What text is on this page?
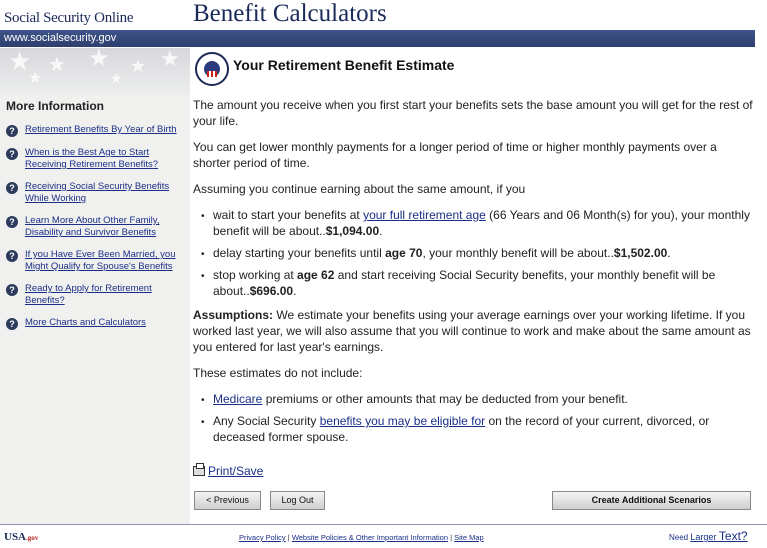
Social Security Online Benefit Calculators
www.socialsecurity.gov
★ ★ ★ ★ ★
★	★
More Information
?	Retirement Benefits By Year of Birth
?	When is the Best Age to Start Receiving Retirement Benefits?
?	Receiving Social Security Benefits While Working
?	Learn More About Other Family, Disability and Survivor Benefits
?	If you Have Ever Been Married, you Might Qualify for Spouse's Benefits
?	Ready to Apply for Retirement Benefits?
?	More Charts and Calculators
Your Retirement Benefit Estimate

The amount you receive when you first start your benefits sets the base amount you will get for the rest of your life.

You can get lower monthly payments for a longer period of time or higher monthly payments over a shorter period of time.

Assuming you continue earning about the same amount, if you

• wait to start your benefits at your full retirement age (66 Years and 06 Month(s) for you), your monthly benefit will be about..$1,094.00.
• delay starting your benefits until age 70, your monthly benefit will be about..$1,502.00.
• stop working at age 62 and start receiving Social Security benefits, your monthly benefit will be about..$696.00.

Assumptions: We estimate your benefits using your average earnings over your working lifetime. If you worked last year, we will also assume that you will continue to work and make about the same amount as you entered for last year's earnings.

These estimates do not include:

• Medicare premiums or other amounts that may be deducted from your benefit.
• Any Social Security benefits you may be eligible for on the record of your current, divorced, or deceased former spouse.
Print/Save
< Previous	Log Out	Create Additional Scenarios
USA.gov	Privacy Policy | Website Policies & Other Important Information | Site Map	Need Larger Text?
